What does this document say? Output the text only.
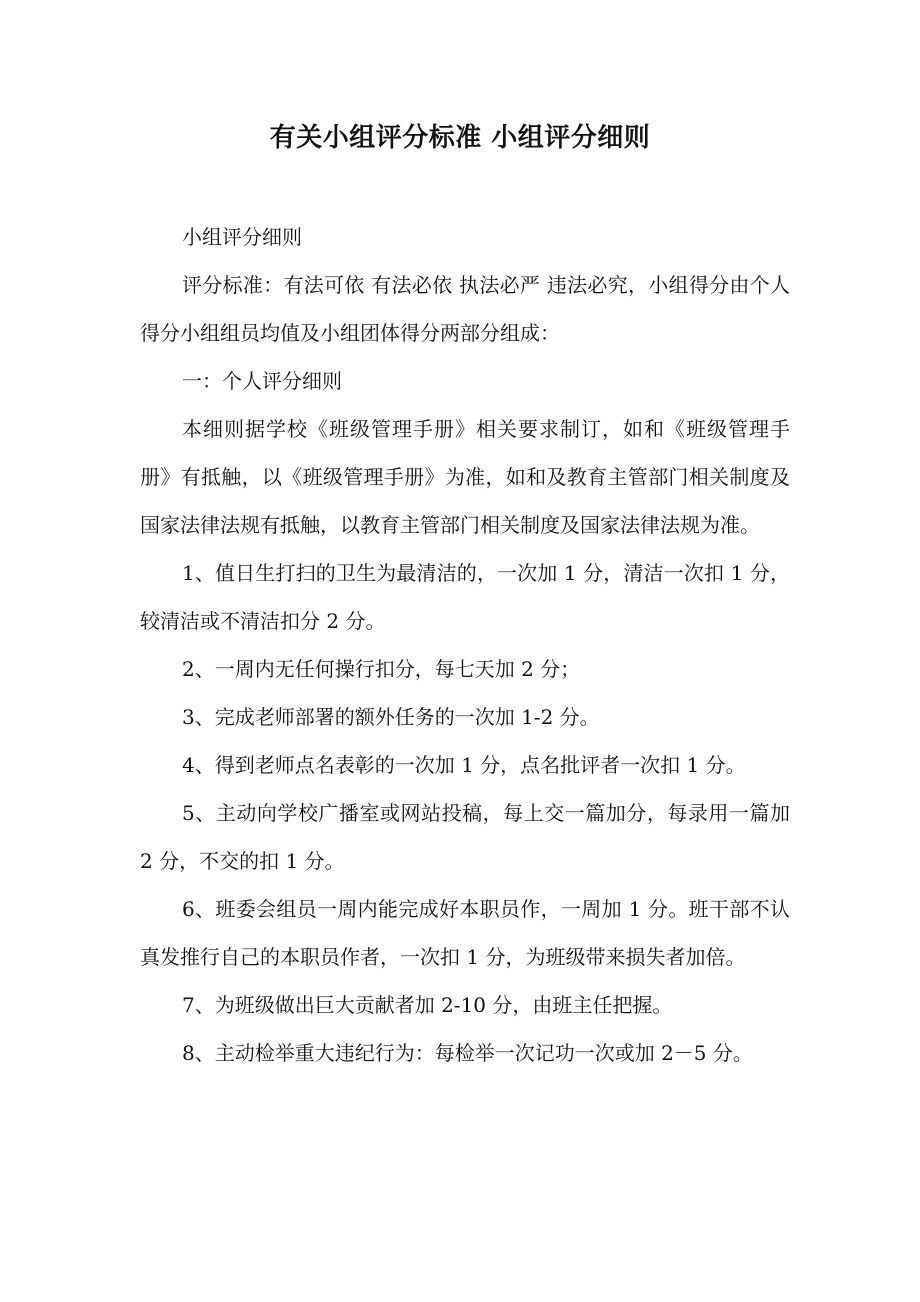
有关小组评分标准 小组评分细则

小组评分细则

评分标准：有法可依 有法必依 执法必严 违法必究，小组得分由个人得分小组组员均值及小组团体得分两部分组成：

一：个人评分细则

本细则据学校《班级管理手册》相关要求制订，如和《班级管理手册》有抵触，以《班级管理手册》为准，如和及教育主管部门相关制度及国家法律法规有抵触，以教育主管部门相关制度及国家法律法规为准。

1、值日生打扫的卫生为最清洁的，一次加 1 分，清洁一次扣 1 分，较清洁或不清洁扣分 2 分。

2、一周内无任何操行扣分，每七天加 2 分；

3、完成老师部署的额外任务的一次加 1-2 分。

4、得到老师点名表彰的一次加 1 分，点名批评者一次扣 1 分。

5、主动向学校广播室或网站投稿，每上交一篇加分，每录用一篇加 2 分，不交的扣 1 分。

6、班委会组员一周内能完成好本职员作，一周加 1 分。班干部不认真发推行自己的本职员作者，一次扣 1 分，为班级带来损失者加倍。

7、为班级做出巨大贡献者加 2-10 分，由班主任把握。

8、主动检举重大违纪行为：每检举一次记功一次或加 2－5 分。
